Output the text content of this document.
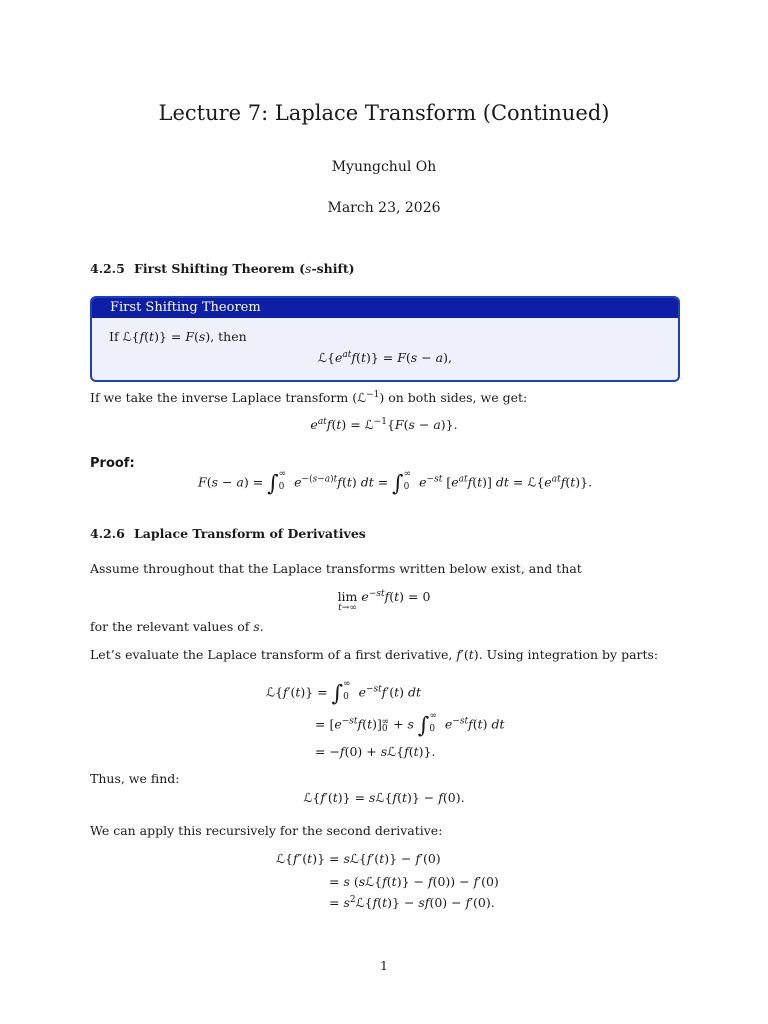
Lecture 7: Laplace Transform (Continued)
Myungchul Oh
March 23, 2026
4.2.5 First Shifting Theorem (s-shift)
First Shifting Theorem
If ℒ{f(t)} = F(s), then
$ℒ\{e^{at}f(t)\} = F(s - a)$,
If we take the inverse Laplace transform (ℒ$^{-1}$) on both sides, we get:
$e^{at}f(t)$ = ℒ$^{-1}${F(s − a)}.
Proof:
F(s − a) = ∫ ∞
0 $e^{-(s-a)t}f(t)$ dt = ∫ ∞
0 $e^{-st}$ $[e^{at}f(t)]$ dt = $ℒ\{e^{at}f(t)\}$.
4.2.6 Laplace Transform of Derivatives
Assume throughout that the Laplace transforms written below exist, and that
lim
t→∞
$e^{-st}f(t) = 0$
for the relevant values of s.
Let’s evaluate the Laplace transform of a first derivative, f′(t). Using integration by parts:
ℒ{f′(t)} = ∫ ∞
0 $e^{-st}f'(t)$ dt
= $[e^{-st}f(t)]_0^\infty + s$ ∫ ∞
0 $e^{-st}f(t)$ dt
= −f(0) + sℒ{f(t)}.
Thus, we find:
ℒ{f′(t)} = sℒ{f(t)} − f(0).
We can apply this recursively for the second derivative:
ℒ{f″(t)} = sℒ{f′(t)} − f′(0)
= s (sℒ{f(t)} − f(0)) − f′(0)
= $s^2ℒ\{f(t)\} - sf(0) - f'(0)$.
1
